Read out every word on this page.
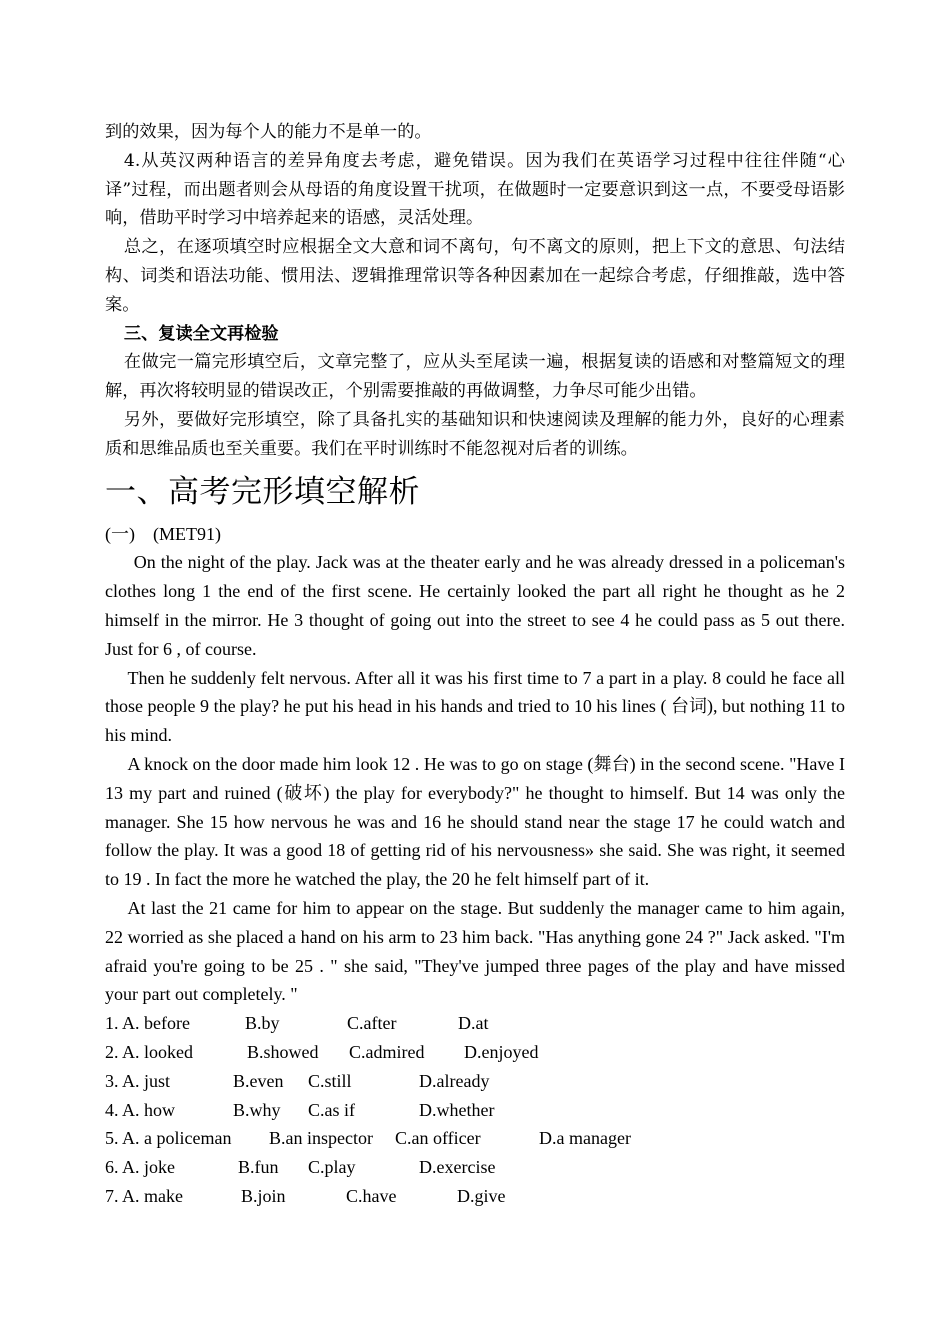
到的效果，因为每个人的能力不是单一的。

4.从英汉两种语言的差异角度去考虑，避免错误。因为我们在英语学习过程中往往伴随“心译”过程，而出题者则会从母语的角度设置干扰项，在做题时一定要意识到这一点，不要受母语影响，借助平时学习中培养起来的语感，灵活处理。

总之，在逐项填空时应根据全文大意和词不离句，句不离文的原则，把上下文的意思、句法结构、词类和语法功能、惯用法、逻辑推理常识等各种因素加在一起综合考虑，仔细推敲，选中答案。

三、复读全文再检验

在做完一篇完形填空后，文章完整了，应从头至尾读一遍，根据复读的语感和对整篇短文的理解，再次将较明显的错误改正，个别需要推敲的再做调整，力争尽可能少出错。

另外，要做好完形填空，除了具备扎实的基础知识和快速阅读及理解的能力外，良好的心理素质和思维品质也至关重要。我们在平时训练时不能忽视对后者的训练。

一、高考完形填空解析

(一)　(MET91)

On the night of the play. Jack was at the theater early and he was already dressed in a policeman's clothes long 1 the end of the first scene. He certainly looked the part all right he thought as he 2 himself in the mirror. He 3 thought of going out into the street to see 4 he could pass as 5 out there. Just for 6 , of course.

Then he suddenly felt nervous. After all it was his first time to 7 a part in a play. 8 could he face all those people 9 the play? he put his head in his hands and tried to 10 his lines ( 台词), but nothing 11 to his mind.

A knock on the door made him look 12 . He was to go on stage (舞台) in the second scene. "Have I 13 my part and ruined (破坏) the play for everybody?" he thought to himself. But 14 was only the manager. She 15 how nervous he was and 16 he should stand near the stage 17 he could watch and follow the play. It was a good 18 of getting rid of his nervousness» she said. She was right, it seemed to 19 . In fact the more he watched the play, the 20 he felt himself part of it.

At last the 21 came for him to appear on the stage. But suddenly the manager came to him again, 22 worried as she placed a hand on his arm to 23 him back. "Has anything gone 24 ?" Jack asked. "I'm afraid you're going to be 25 . " she said, "They've jumped three pages of the play and have missed your part out completely. "

1. A. before	B.by	C.after	D.at
2. A. looked	B.showed	C.admired	D.enjoyed
3. A. just	B.even	C.still	D.already
4. A. how	B.why	C.as if	D.whether
5. A. a policeman	B.an inspector	C.an officer	D.a manager
6. A. joke	B.fun	C.play	D.exercise
7. A. make	B.join	C.have	D.give
